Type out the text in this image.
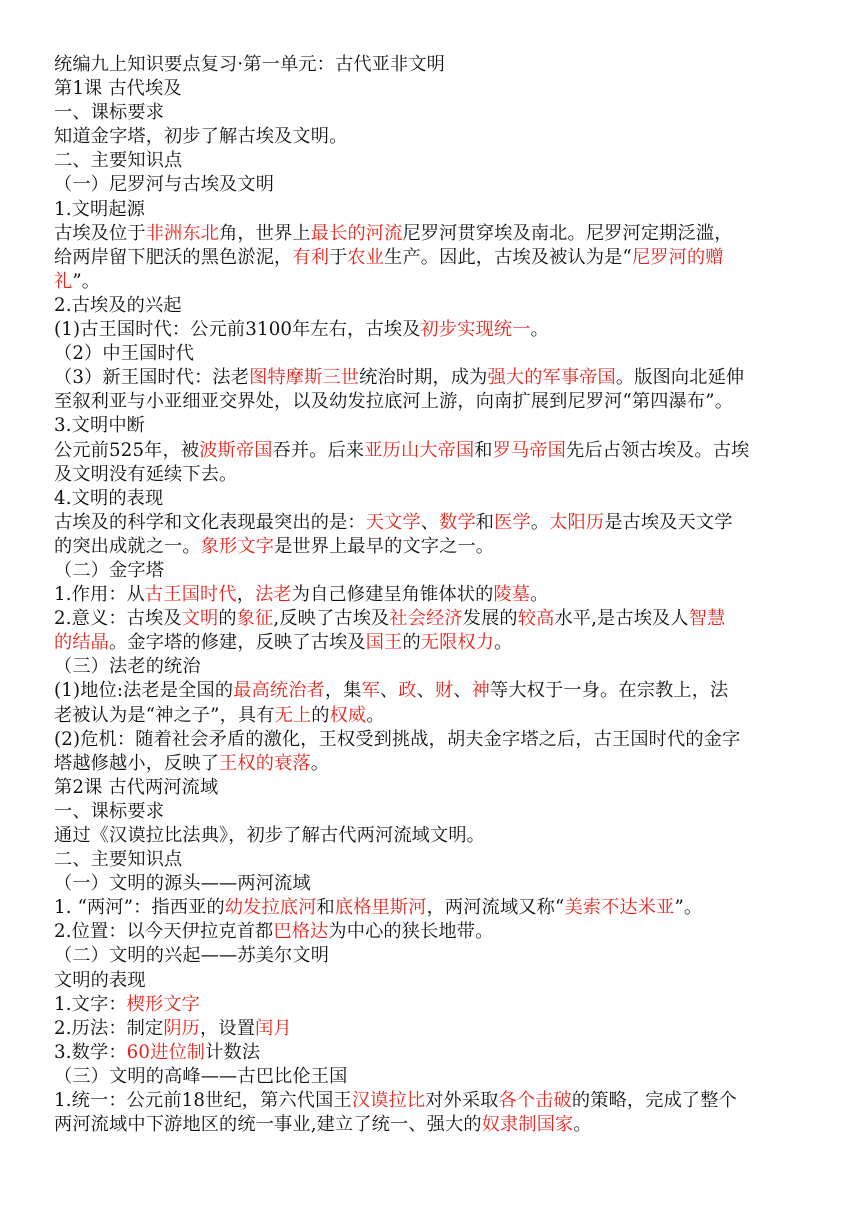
统编九上知识要点复习·第一单元：古代亚非文明
第1课 古代埃及
一、课标要求
知道金字塔，初步了解古埃及文明。
二、主要知识点
（一）尼罗河与古埃及文明
1.文明起源
古埃及位于非洲东北角，世界上最长的河流尼罗河贯穿埃及南北。尼罗河定期泛滥，
给两岸留下肥沃的黑色淤泥，有利于农业生产。因此，古埃及被认为是“尼罗河的赠
礼”。
2.古埃及的兴起
(1)古王国时代：公元前3100年左右，古埃及初步实现统一。
（2）中王国时代
（3）新王国时代：法老图特摩斯三世统治时期，成为强大的军事帝国。版图向北延伸
至叙利亚与小亚细亚交界处，以及幼发拉底河上游，向南扩展到尼罗河“第四瀑布”。
3.文明中断
公元前525年，被波斯帝国吞并。后来亚历山大帝国和罗马帝国先后占领古埃及。古埃
及文明没有延续下去。
4.文明的表现
古埃及的科学和文化表现最突出的是：天文学、数学和医学。太阳历是古埃及天文学
的突出成就之一。象形文字是世界上最早的文字之一。
（二）金字塔
1.作用：从古王国时代，法老为自己修建呈角锥体状的陵墓。
2.意义：古埃及文明的象征,反映了古埃及社会经济发展的较高水平,是古埃及人智慧
的结晶。金字塔的修建，反映了古埃及国王的无限权力。
（三）法老的统治
(1)地位:法老是全国的最高统治者，集军、政、财、神等大权于一身。在宗教上，法
老被认为是“神之子”，具有无上的权威。
(2)危机：随着社会矛盾的激化，王权受到挑战，胡夫金字塔之后，古王国时代的金字
塔越修越小，反映了王权的衰落。
第2课 古代两河流域
一、课标要求
通过《汉谟拉比法典》，初步了解古代两河流域文明。
二、主要知识点
（一）文明的源头——两河流域
1. “两河”：指西亚的幼发拉底河和底格里斯河，两河流域又称“美索不达米亚”。
2.位置：以今天伊拉克首都巴格达为中心的狭长地带。
（二）文明的兴起——苏美尔文明
文明的表现
1.文字：楔形文字
2.历法：制定阴历，设置闰月
3.数学：60进位制计数法
（三）文明的高峰——古巴比伦王国
1.统一：公元前18世纪，第六代国王汉谟拉比对外采取各个击破的策略，完成了整个
两河流域中下游地区的统一事业,建立了统一、强大的奴隶制国家。
